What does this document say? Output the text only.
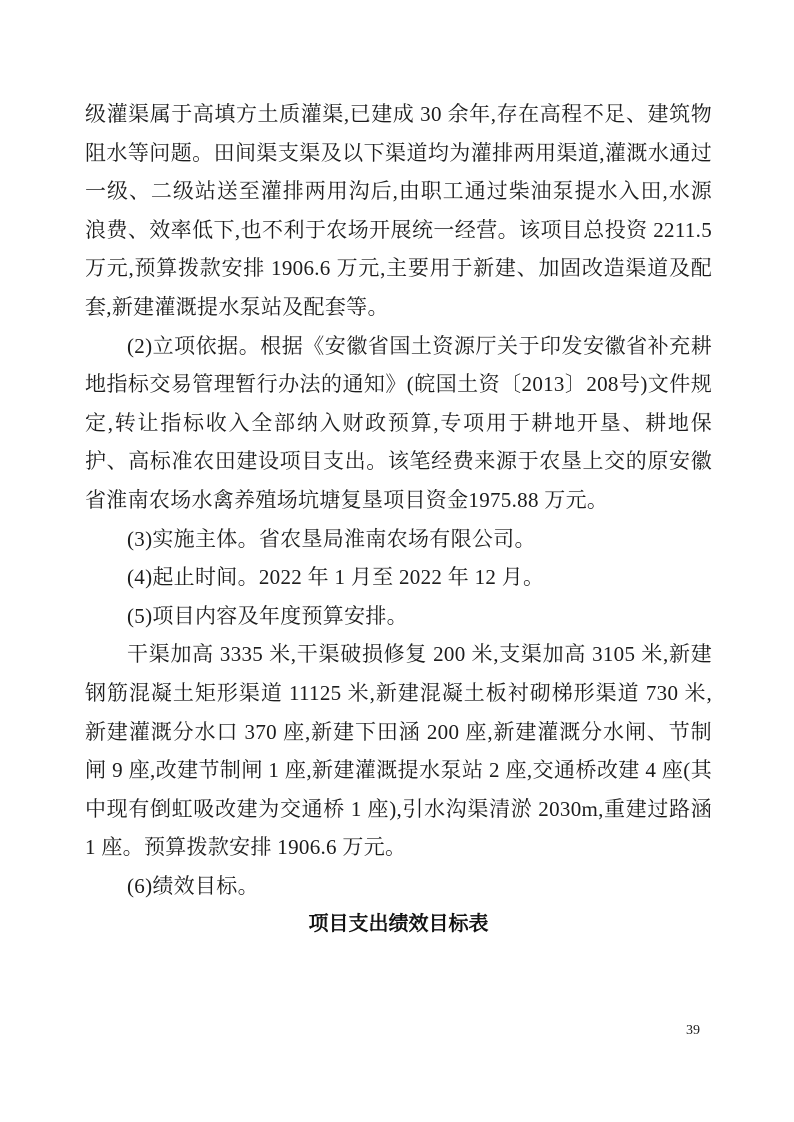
级灌渠属于高填方土质灌渠,已建成 30 余年,存在高程不足、建筑物阻水等问题。田间渠支渠及以下渠道均为灌排两用渠道,灌溉水通过一级、二级站送至灌排两用沟后,由职工通过柴油泵提水入田,水源浪费、效率低下,也不利于农场开展统一经营。该项目总投资 2211.5 万元,预算拨款安排 1906.6 万元,主要用于新建、加固改造渠道及配套,新建灌溉提水泵站及配套等。

(2)立项依据。根据《安徽省国土资源厅关于印发安徽省补充耕地指标交易管理暂行办法的通知》(皖国土资〔2013〕208号)文件规定,转让指标收入全部纳入财政预算,专项用于耕地开垦、耕地保护、高标准农田建设项目支出。该笔经费来源于农垦上交的原安徽省淮南农场水禽养殖场坑塘复垦项目资金1975.88 万元。

(3)实施主体。省农垦局淮南农场有限公司。

(4)起止时间。2022 年 1 月至 2022 年 12 月。

(5)项目内容及年度预算安排。

干渠加高 3335 米,干渠破损修复 200 米,支渠加高 3105 米,新建钢筋混凝土矩形渠道 11125 米,新建混凝土板衬砌梯形渠道 730 米,新建灌溉分水口 370 座,新建下田涵 200 座,新建灌溉分水闸、节制闸 9 座,改建节制闸 1 座,新建灌溉提水泵站 2 座,交通桥改建 4 座(其中现有倒虹吸改建为交通桥 1 座),引水沟渠清淤 2030m,重建过路涵 1 座。预算拨款安排 1906.6 万元。

(6)绩效目标。

项目支出绩效目标表
39
